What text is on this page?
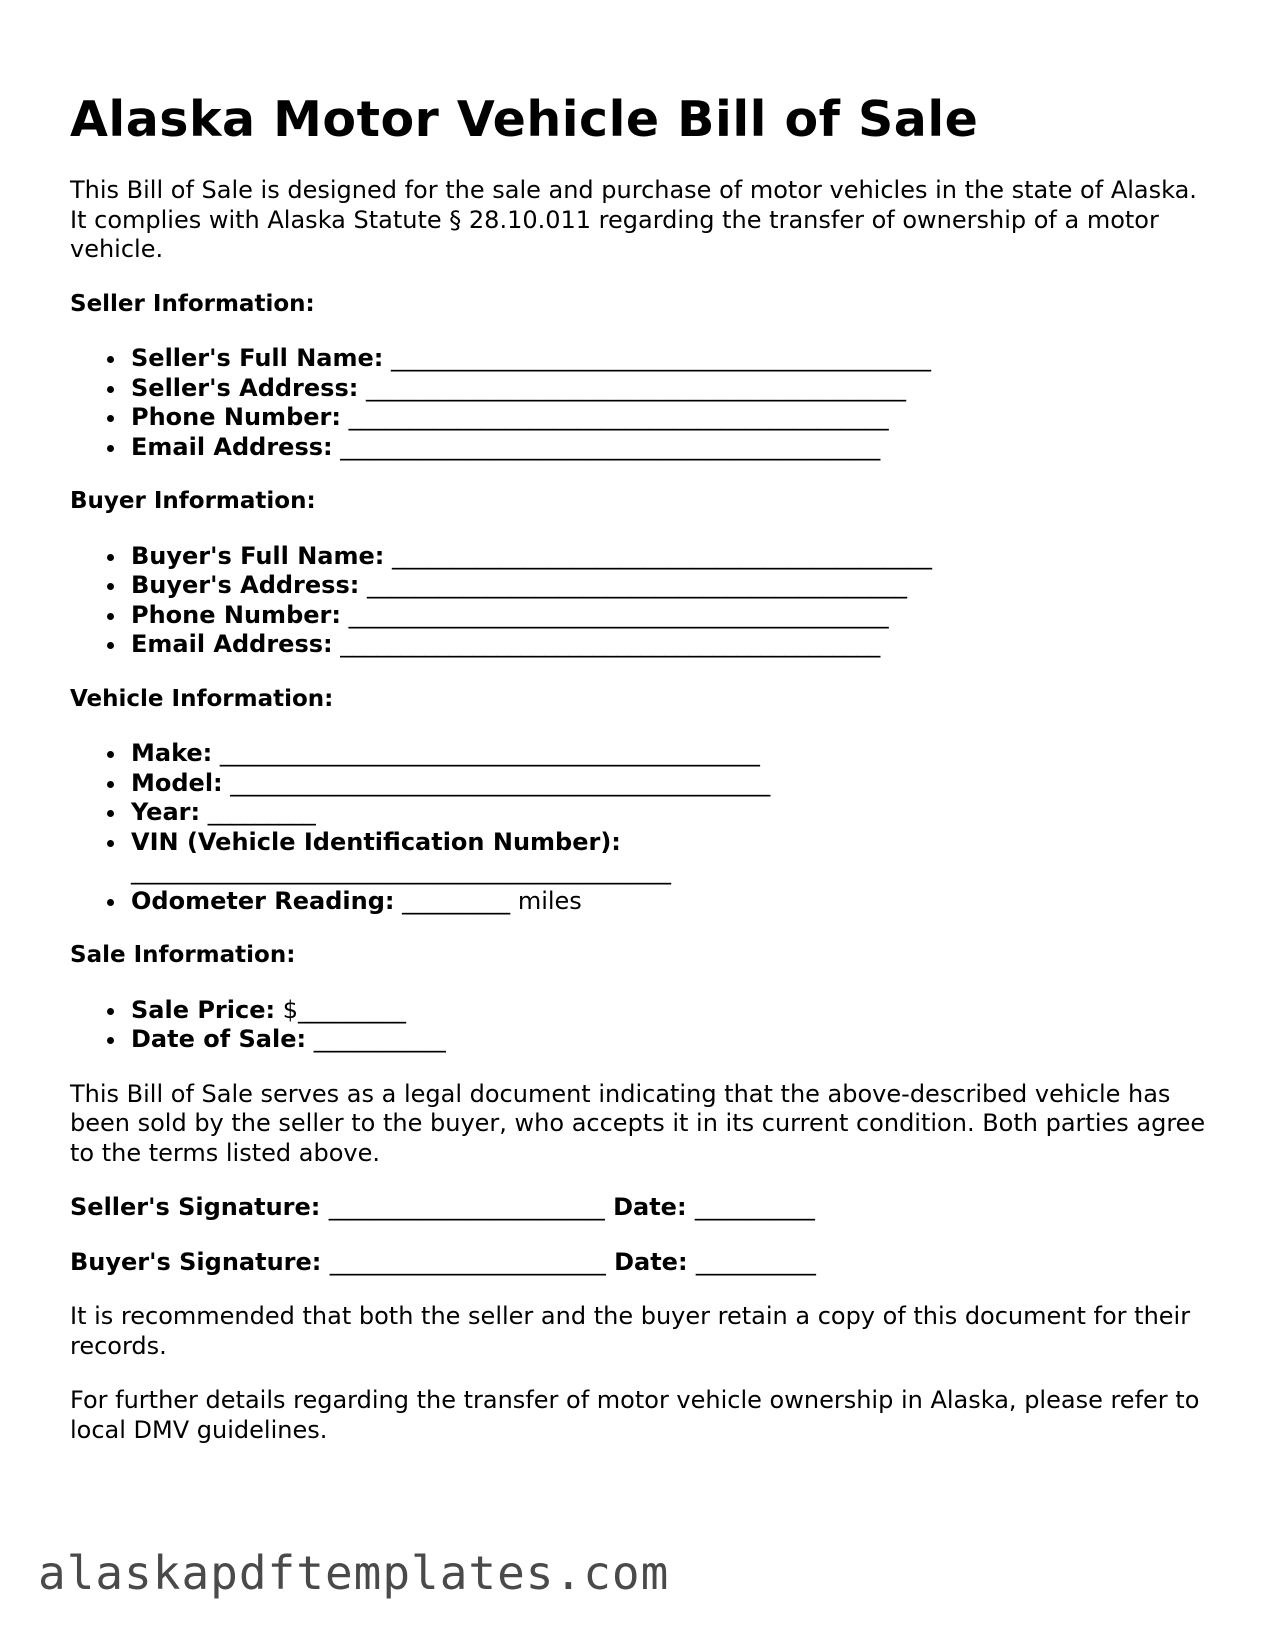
Alaska Motor Vehicle Bill of Sale

This Bill of Sale is designed for the sale and purchase of motor vehicles in the state of Alaska. It complies with Alaska Statute § 28.10.011 regarding the transfer of ownership of a motor vehicle.

Seller Information:
Seller's Full Name: _____________________________________________
Seller's Address: _____________________________________________
Phone Number: _____________________________________________
Email Address: _____________________________________________
Buyer Information:
Buyer's Full Name: _____________________________________________
Buyer's Address: _____________________________________________
Phone Number: _____________________________________________
Email Address: _____________________________________________
Vehicle Information:
Make: _____________________________________________
Model: _____________________________________________
Year: _________
VIN (Vehicle Identification Number):
_____________________________________________
Odometer Reading: _________ miles
Sale Information:
Sale Price: $_________
Date of Sale: ___________

This Bill of Sale serves as a legal document indicating that the above-described vehicle has been sold by the seller to the buyer, who accepts it in its current condition. Both parties agree to the terms listed above.

Seller's Signature: _______________________ Date: __________
Buyer's Signature: _______________________ Date: __________

It is recommended that both the seller and the buyer retain a copy of this document for their records.

For further details regarding the transfer of motor vehicle ownership in Alaska, please refer to local DMV guidelines.

alaskapdftemplates.com
